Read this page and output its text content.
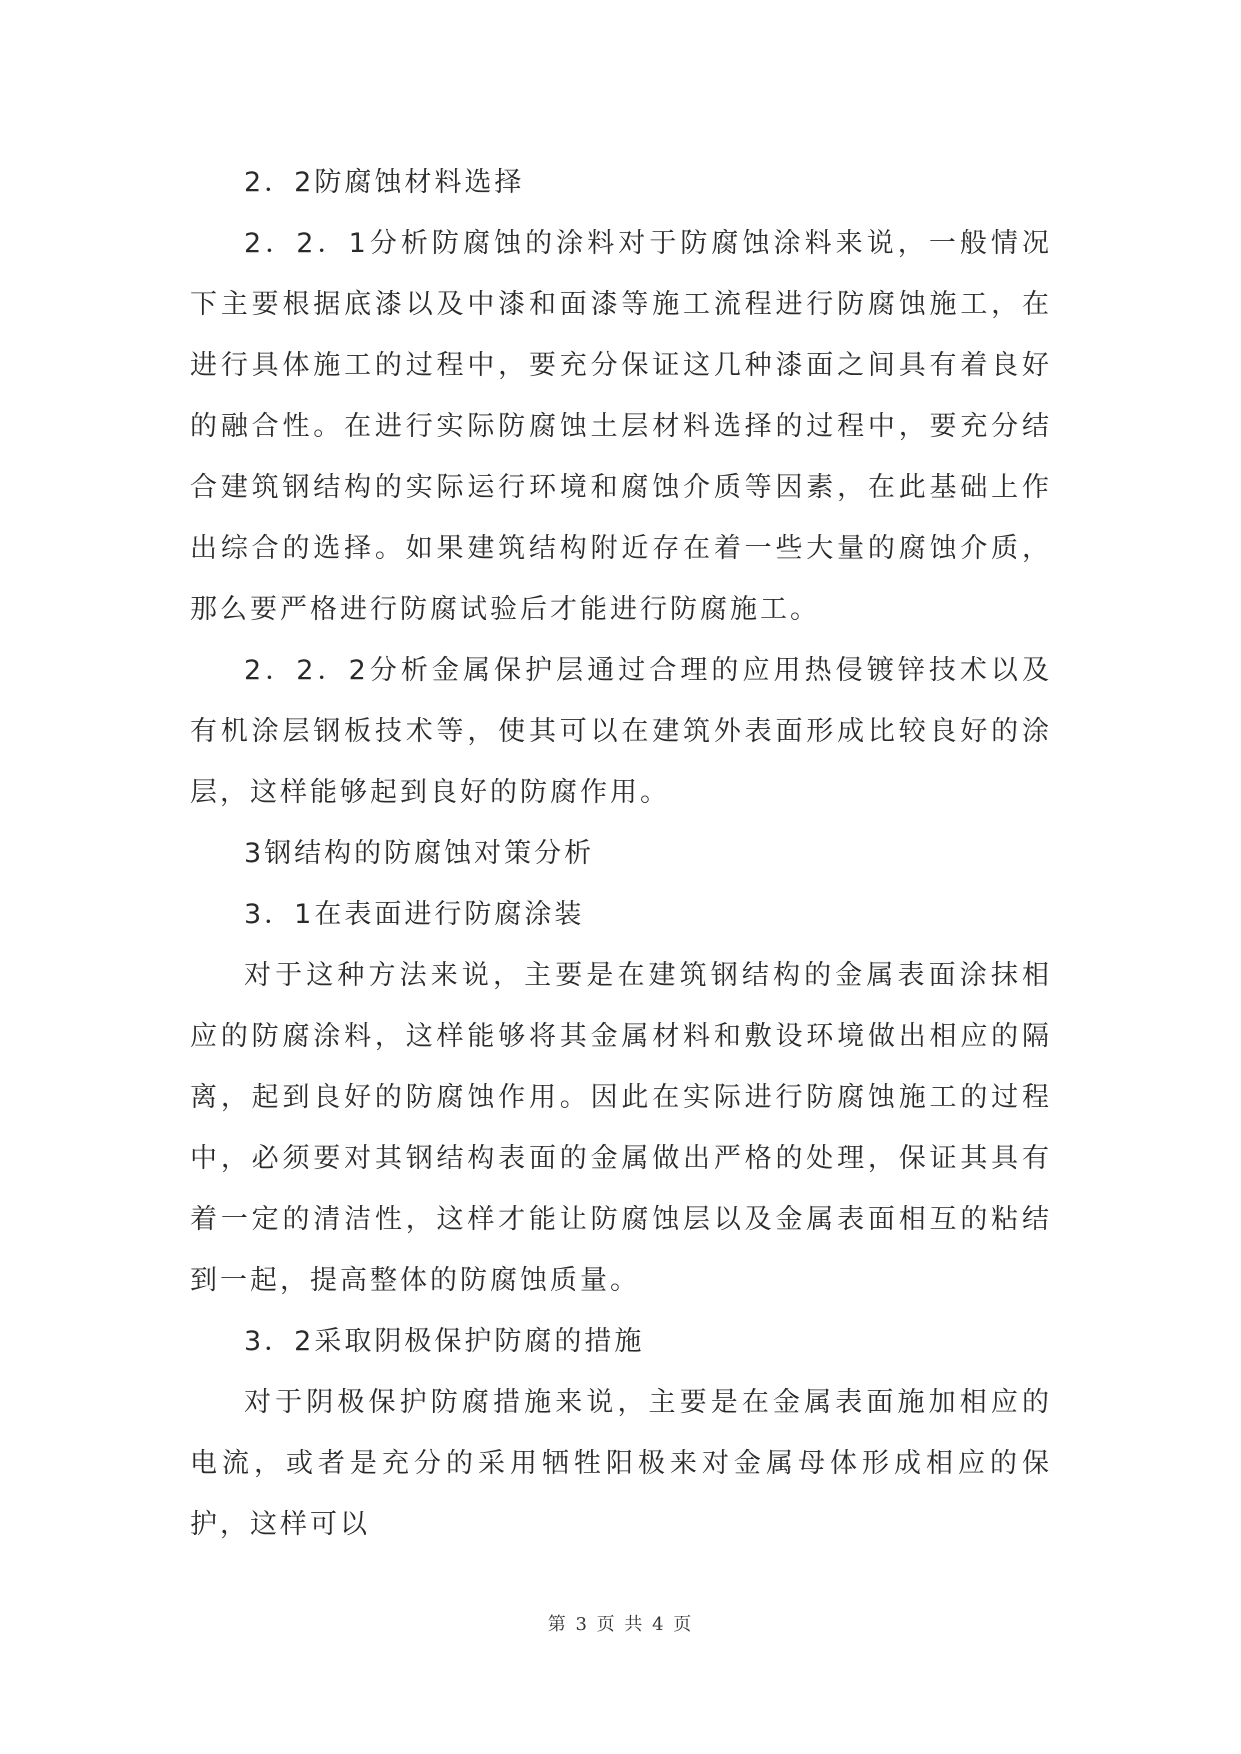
2．2防腐蚀材料选择

2．2．1分析防腐蚀的涂料对于防腐蚀涂料来说，一般情况下主要根据底漆以及中漆和面漆等施工流程进行防腐蚀施工，在进行具体施工的过程中，要充分保证这几种漆面之间具有着良好的融合性。在进行实际防腐蚀土层材料选择的过程中，要充分结合建筑钢结构的实际运行环境和腐蚀介质等因素，在此基础上作出综合的选择。如果建筑结构附近存在着一些大量的腐蚀介质，那么要严格进行防腐试验后才能进行防腐施工。

2．2．2分析金属保护层通过合理的应用热侵镀锌技术以及有机涂层钢板技术等，使其可以在建筑外表面形成比较良好的涂层，这样能够起到良好的防腐作用。

3钢结构的防腐蚀对策分析

3．1在表面进行防腐涂装

对于这种方法来说，主要是在建筑钢结构的金属表面涂抹相应的防腐涂料，这样能够将其金属材料和敷设环境做出相应的隔离，起到良好的防腐蚀作用。因此在实际进行防腐蚀施工的过程中，必须要对其钢结构表面的金属做出严格的处理，保证其具有着一定的清洁性，这样才能让防腐蚀层以及金属表面相互的粘结到一起，提高整体的防腐蚀质量。

3．2采取阴极保护防腐的措施

对于阴极保护防腐措施来说，主要是在金属表面施加相应的电流，或者是充分的采用牺牲阳极来对金属母体形成相应的保护，这样可以

第 3 页 共 4 页
